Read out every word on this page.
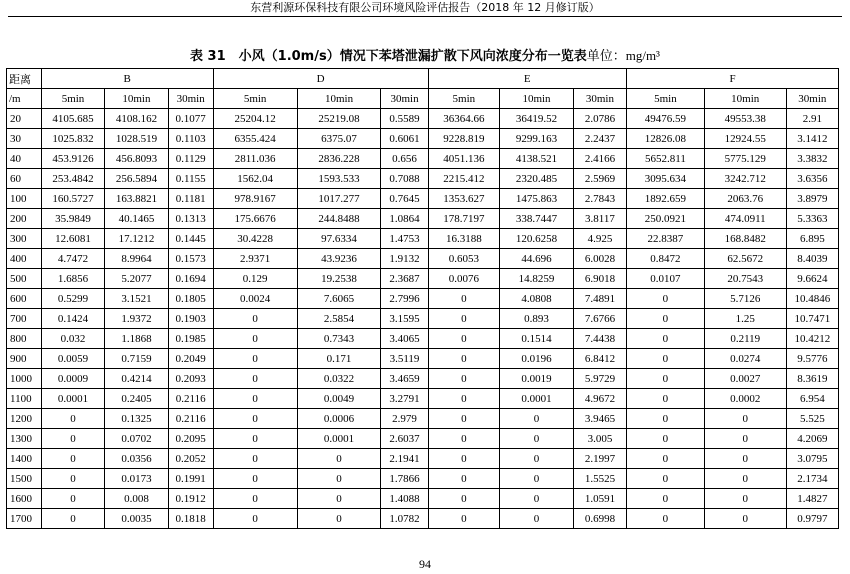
东营利源环保科技有限公司环境风险评估报告（2018 年 12 月修订版）
表 31　小风（1.0m/s）情况下苯塔泄漏扩散下风向浓度分布一览表单位：mg/m³
距离	B			D			E			F		
/m	5min	10min	30min	5min	10min	30min	5min	10min	30min	5min	10min	30min
20	4105.685	4108.162	0.1077	25204.12	25219.08	0.5589	36364.66	36419.52	2.0786	49476.59	49553.38	2.91
30	1025.832	1028.519	0.1103	6355.424	6375.07	0.6061	9228.819	9299.163	2.2437	12826.08	12924.55	3.1412
40	453.9126	456.8093	0.1129	2811.036	2836.228	0.656	4051.136	4138.521	2.4166	5652.811	5775.129	3.3832
60	253.4842	256.5894	0.1155	1562.04	1593.533	0.7088	2215.412	2320.485	2.5969	3095.634	3242.712	3.6356
100	160.5727	163.8821	0.1181	978.9167	1017.277	0.7645	1353.627	1475.863	2.7843	1892.659	2063.76	3.8979
200	35.9849	40.1465	0.1313	175.6676	244.8488	1.0864	178.7197	338.7447	3.8117	250.0921	474.0911	5.3363
300	12.6081	17.1212	0.1445	30.4228	97.6334	1.4753	16.3188	120.6258	4.925	22.8387	168.8482	6.895
400	4.7472	8.9964	0.1573	2.9371	43.9236	1.9132	0.6053	44.696	6.0028	0.8472	62.5672	8.4039
500	1.6856	5.2077	0.1694	0.129	19.2538	2.3687	0.0076	14.8259	6.9018	0.0107	20.7543	9.6624
600	0.5299	3.1521	0.1805	0.0024	7.6065	2.7996	0	4.0808	7.4891	0	5.7126	10.4846
700	0.1424	1.9372	0.1903	0	2.5854	3.1595	0	0.893	7.6766	0	1.25	10.7471
800	0.032	1.1868	0.1985	0	0.7343	3.4065	0	0.1514	7.4438	0	0.2119	10.4212
900	0.0059	0.7159	0.2049	0	0.171	3.5119	0	0.0196	6.8412	0	0.0274	9.5776
1000	0.0009	0.4214	0.2093	0	0.0322	3.4659	0	0.0019	5.9729	0	0.0027	8.3619
1100	0.0001	0.2405	0.2116	0	0.0049	3.2791	0	0.0001	4.9672	0	0.0002	6.954
1200	0	0.1325	0.2116	0	0.0006	2.979	0	0	3.9465	0	0	5.525
1300	0	0.0702	0.2095	0	0.0001	2.6037	0	0	3.005	0	0	4.2069
1400	0	0.0356	0.2052	0	0	2.1941	0	0	2.1997	0	0	3.0795
1500	0	0.0173	0.1991	0	0	1.7866	0	0	1.5525	0	0	2.1734
1600	0	0.008	0.1912	0	0	1.4088	0	0	1.0591	0	0	1.4827
1700	0	0.0035	0.1818	0	0	1.0782	0	0	0.6998	0	0	0.9797
94
